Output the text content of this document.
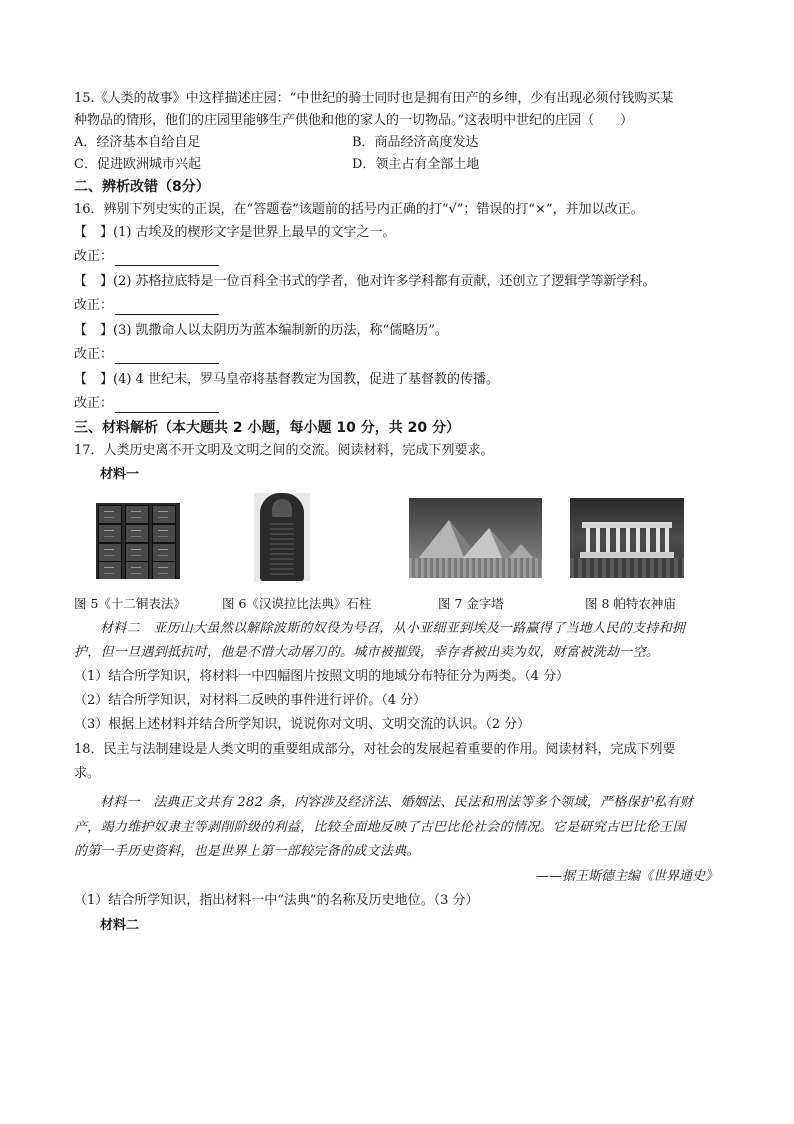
15.《人类的故事》中这样描述庄园：“中世纪的骑士同时也是拥有田产的乡绅，少有出现必须付钱购买某
种物品的情形，他们的庄园里能够生产供他和他的家人的一切物品。”这表明中世纪的庄园（　　）
A．经济基本自给自足	B．商品经济高度发达
C．促进欧洲城市兴起	D．领主占有全部土地
二、辨析改错（8分）
16．辨别下列史实的正误，在“答题卷”该题前的括号内正确的打“√”；错误的打“×”，并加以改正。
【　】(1) 古埃及的楔形文字是世界上最早的文字之一。
改正：
【　】(2) 苏格拉底特是一位百科全书式的学者，他对许多学科都有贡献，还创立了逻辑学等新学科。
改正：
【　】(3) 凯撒命人以太阴历为蓝本编制新的历法，称“儒略历”。
改正：
【　】(4) 4 世纪末，罗马皇帝将基督教定为国教，促进了基督教的传播。
改正：
三、材料解析（本大题共 2 小题，每小题 10 分，共 20 分）
17．人类历史离不开文明及文明之间的交流。阅读材料，完成下列要求。
材料一
图 5《十二铜表法》	图 6《汉谟拉比法典》石柱	图 7 金字塔	图 8 帕特农神庙
材料二　亚历山大虽然以解除波斯的奴役为号召，从小亚细亚到埃及一路赢得了当地人民的支持和拥
护，但一旦遇到抵抗时，他是不惜大动屠刀的。城市被摧毁，幸存者被出卖为奴，财富被洗劫一空。
（1）结合所学知识，将材料一中四幅图片按照文明的地域分布特征分为两类。（4 分）
（2）结合所学知识，对材料二反映的事件进行评价。（4 分）
（3）根据上述材料并结合所学知识，说说你对文明、文明交流的认识。（2 分）
18．民主与法制建设是人类文明的重要组成部分，对社会的发展起着重要的作用。阅读材料，完成下列要
求。
材料一　法典正文共有 282 条，内容涉及经济法、婚姻法、民法和刑法等多个领域，严格保护私有财
产，竭力维护奴隶主等剥削阶级的利益，比较全面地反映了古巴比伦社会的情况。它是研究古巴比伦王国
的第一手历史资料，也是世界上第一部较完备的成文法典。
——据王斯德主编《世界通史》
（1）结合所学知识，指出材料一中“法典”的名称及历史地位。（3 分）
材料二
